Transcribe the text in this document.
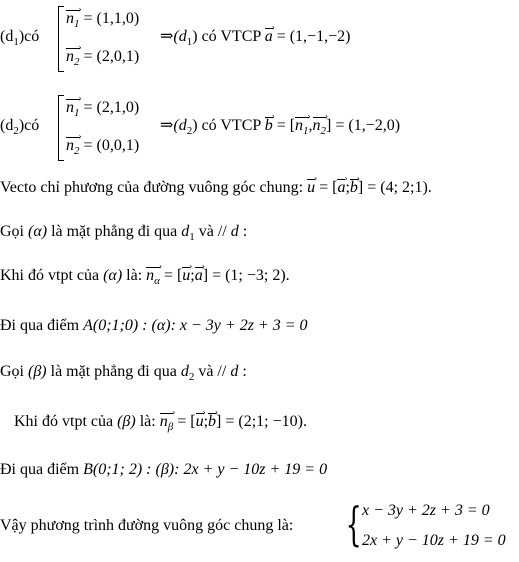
$(d_1)có$
›
$n_1 = (1,1,0)$
›
$n_2 = (2,0,1)$
$\Rightarrow(d_1)$ có VTCP
›
a = (1,−1,−2)
$(d_2)có$
›
$n_1 = (2,1,0)$
›
$n_2 = (0,0,1)$
$\Rightarrow(d_2)$ có VTCP
›
b = [
›
$n_1$,
›
$n_2] = (1,-2,0)$
Vecto chỉ phương của đường vuông góc chung:
›
u = [
›
a;
›
b] = (4; 2;1).
Gọi (α) là mặt phẳng đi qua $d_1$ và // d :
Khi đó vtpt của (α) là:
›
$n_\alpha$ = [
›
u;
›
a] = (1; −3; 2).
Đi qua điểm A(0;1;0) : (α): x − 3y + 2z + 3 = 0
Gọi (β) là mặt phẳng đi qua $d_2$ và // d :
Khi đó vtpt của (β) là:
›
$n_\beta$ = [
›
u;
›
b] = (2;1; −10).
Đi qua điểm B(0;1; 2) : (β): 2x + y − 10z + 19 = 0
Vậy phương trình đường vuông góc chung là: { x − 3y + 2z + 3 = 0
2x + y − 10z + 19 = 0
